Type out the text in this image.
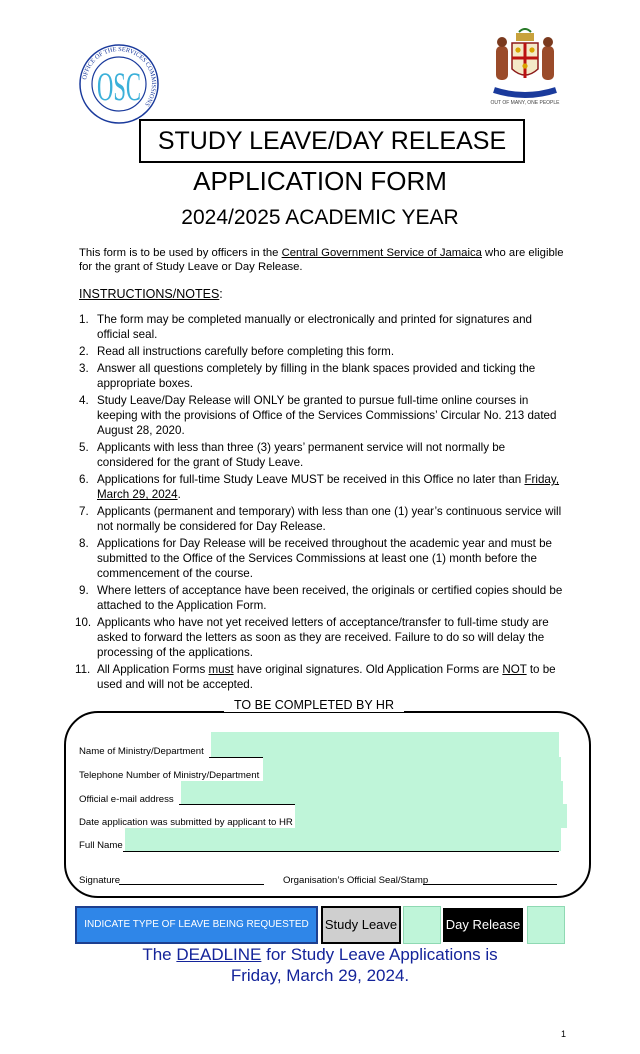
OFFICE OF THE SERVICES COMMISSIONS
OSC	OUT OF MANY, ONE PEOPLE
STUDY LEAVE/DAY RELEASE
APPLICATION FORM
2024/2025 ACADEMIC YEAR
This form is to be used by officers in the Central Government Service of Jamaica who are eligible for the grant of Study Leave or Day Release.
INSTRUCTIONS/NOTES:
1. The form may be completed manually or electronically and printed for signatures and official seal.
2. Read all instructions carefully before completing this form.
3. Answer all questions completely by filling in the blank spaces provided and ticking the appropriate boxes.
4. Study Leave/Day Release will ONLY be granted to pursue full-time online courses in keeping with the provisions of Office of the Services Commissions’ Circular No. 213 dated August 28, 2020.
5. Applicants with less than three (3) years’ permanent service will not normally be considered for the grant of Study Leave.
6. Applications for full-time Study Leave MUST be received in this Office no later than Friday, March 29, 2024.
7. Applicants (permanent and temporary) with less than one (1) year’s continuous service will not normally be considered for Day Release.
8. Applications for Day Release will be received throughout the academic year and must be submitted to the Office of the Services Commissions at least one (1) month before the commencement of the course.
9. Where letters of acceptance have been received, the originals or certified copies should be attached to the Application Form.
10. Applicants who have not yet received letters of acceptance/transfer to full-time study are asked to forward the letters as soon as they are received. Failure to do so will delay the processing of the applications.
11. All Application Forms must have original signatures. Old Application Forms are NOT to be used and will not be accepted.
TO BE COMPLETED BY HR
Name of Ministry/Department
Telephone Number of Ministry/Department
Official e-mail address
Date application was submitted by applicant to HR
Full Name
Signature	Organisation’s Official Seal/Stamp
INDICATE TYPE OF LEAVE BEING REQUESTED	Study Leave	Day Release
The DEADLINE for Study Leave Applications is
Friday, March 29, 2024.
1
